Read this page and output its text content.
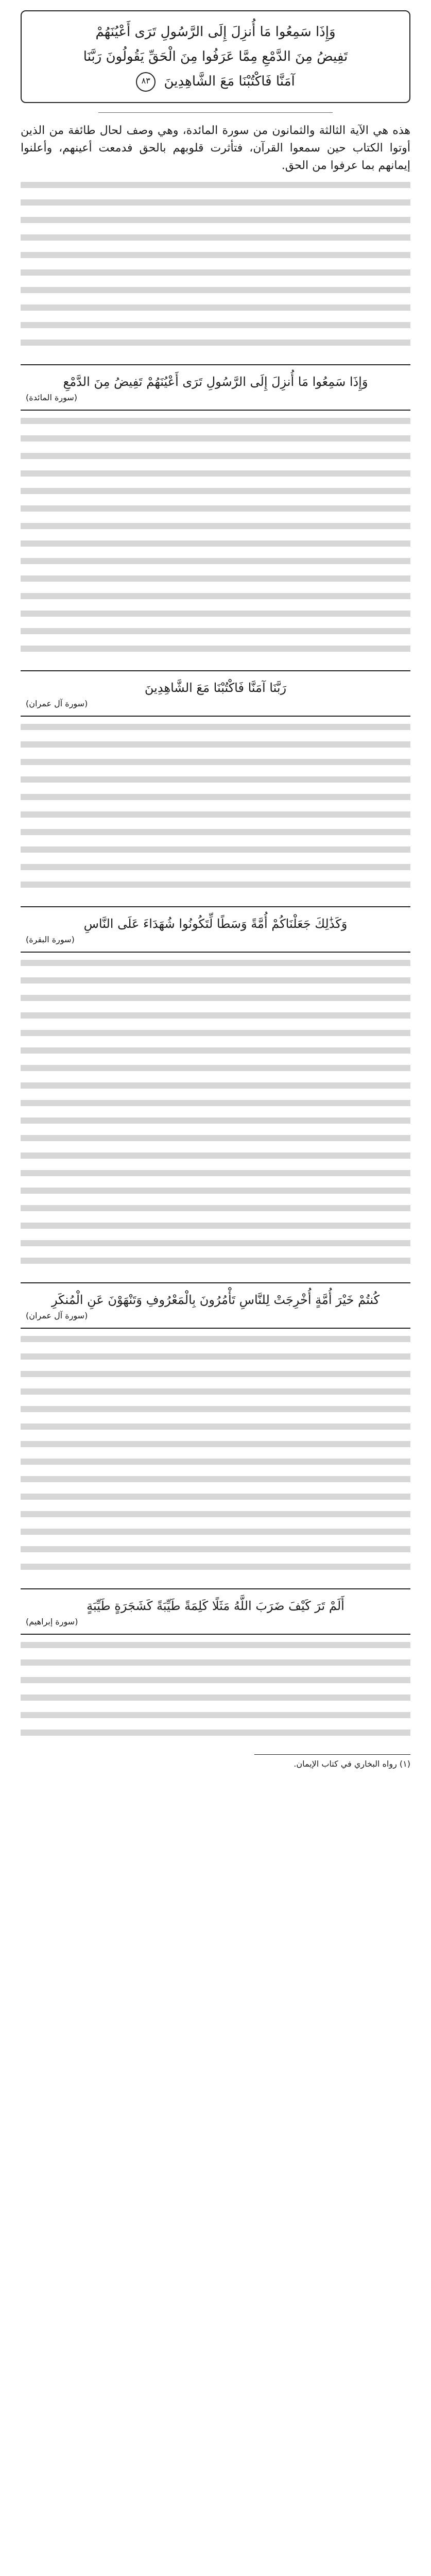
وَإِذَا سَمِعُوا مَا أُنزِلَ إِلَى الرَّسُولِ تَرَى أَعْيُنَهُمْ
تَفِيضُ مِنَ الدَّمْعِ مِمَّا عَرَفُوا مِنَ الْحَقِّ يَقُولُونَ رَبَّنَا
آمَنَّا فَاكْتُبْنَا مَعَ الشَّاهِدِينَ ٨٣

هذه هي الآية الثالثة والثمانون من سورة المائدة، وهي وصف لحال طائفة من الذين أوتوا الكتاب حين سمعوا القرآن، فتأثرت قلوبهم بالحق فدمعت أعينهم، وأعلنوا إيمانهم بما عرفوا من الحق.

وَإِذَا سَمِعُوا مَا أُنزِلَ إِلَى الرَّسُولِ تَرَى أَعْيُنَهُمْ تَفِيضُ مِنَ الدَّمْعِ
(سورة المائدة)
رَبَّنَا آمَنَّا فَاكْتُبْنَا مَعَ الشَّاهِدِينَ
(سورة آل عمران)
وَكَذَٰلِكَ جَعَلْنَاكُمْ أُمَّةً وَسَطًا لِّتَكُونُوا شُهَدَاءَ عَلَى النَّاسِ
(سورة البقرة)
كُنتُمْ خَيْرَ أُمَّةٍ أُخْرِجَتْ لِلنَّاسِ تَأْمُرُونَ بِالْمَعْرُوفِ وَتَنْهَوْنَ عَنِ الْمُنكَرِ
(سورة آل عمران)
أَلَمْ تَرَ كَيْفَ ضَرَبَ اللَّهُ مَثَلًا كَلِمَةً طَيِّبَةً كَشَجَرَةٍ طَيِّبَةٍ
(سورة إبراهيم)

(١) رواه البخاري في كتاب الإيمان.
